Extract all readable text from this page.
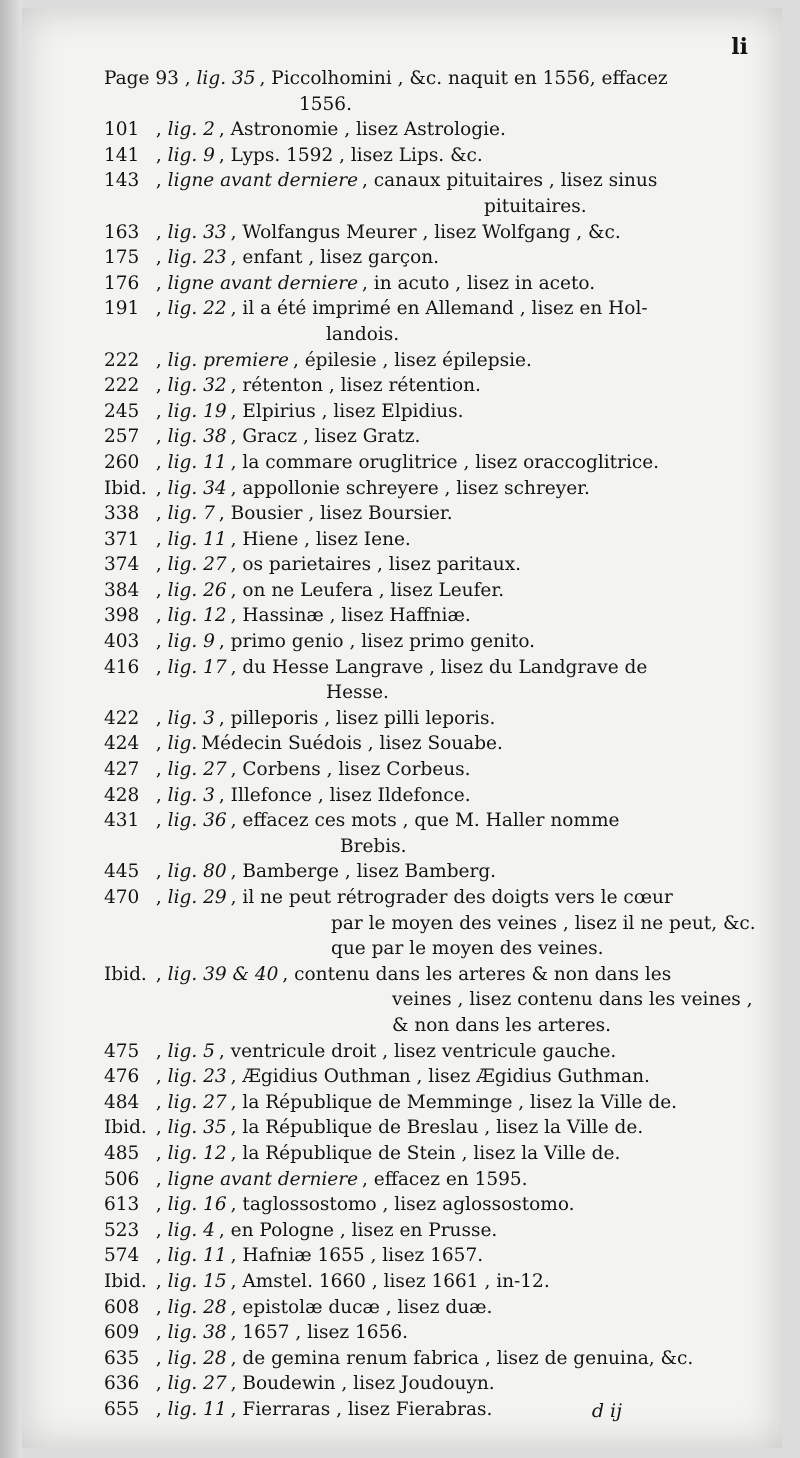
li
Page 93 , lig. 35 , Piccolhomini , &c. naquit en 1556, effacez
1556.
101 , lig. 2 , Astronomie , lisez Astrologie.
141 , lig. 9 , Lyps. 1592 , lisez Lips. &c.
143 , ligne avant derniere , canaux pituitaires , lisez sinus
pituitaires.
163 , lig. 33 , Wolfangus Meurer , lisez Wolfgang , &c.
175 , lig. 23 , enfant , lisez garçon.
176 , ligne avant derniere , in acuto , lisez in aceto.
191 , lig. 22 , il a été imprimé en Allemand , lisez en Hol-
landois.
222 , lig. premiere , épilesie , lisez épilepsie.
222 , lig. 32 , rétenton , lisez rétention.
245 , lig. 19 , Elpirius , lisez Elpidius.
257 , lig. 38 , Gracz , lisez Gratz.
260 , lig. 11 , la commare oruglitrice , lisez oraccoglitrice.
Ibid. , lig. 34 , appollonie schreyere , lisez schreyer.
338 , lig. 7 , Bousier , lisez Boursier.
371 , lig. 11 , Hiene , lisez Iene.
374 , lig. 27 , os parietaires , lisez paritaux.
384 , lig. 26 , on ne Leufera , lisez Leufer.
398 , lig. 12 , Hassinæ , lisez Haffniæ.
403 , lig. 9 , primo genio , lisez primo genito.
416 , lig. 17 , du Hesse Langrave , lisez du Landgrave de
Hesse.
422 , lig. 3 , pilleporis , lisez pilli leporis.
424 , lig. Médecin Suédois , lisez Souabe.
427 , lig. 27 , Corbens , lisez Corbeus.
428 , lig. 3 , Illefonce , lisez Ildefonce.
431 , lig. 36 , effacez ces mots , que M. Haller nomme
Brebis.
445 , lig. 80 , Bamberge , lisez Bamberg.
470 , lig. 29 , il ne peut rétrograder des doigts vers le cœur
par le moyen des veines , lisez il ne peut, &c.
que par le moyen des veines.
Ibid. , lig. 39 & 40 , contenu dans les arteres & non dans les
veines , lisez contenu dans les veines ,
& non dans les arteres.
475 , lig. 5 , ventricule droit , lisez ventricule gauche.
476 , lig. 23 , Ægidius Outhman , lisez Ægidius Guthman.
484 , lig. 27 , la République de Memminge , lisez la Ville de.
Ibid. , lig. 35 , la République de Breslau , lisez la Ville de.
485 , lig. 12 , la République de Stein , lisez la Ville de.
506 , ligne avant derniere , effacez en 1595.
613 , lig. 16 , taglossostomo , lisez aglossostomo.
523 , lig. 4 , en Pologne , lisez en Prusse.
574 , lig. 11 , Hafniæ 1655 , lisez 1657.
Ibid. , lig. 15 , Amstel. 1660 , lisez 1661 , in-12.
608 , lig. 28 , epistolæ ducæ , lisez duæ.
609 , lig. 38 , 1657 , lisez 1656.
635 , lig. 28 , de gemina renum fabrica , lisez de genuina, &c.
636 , lig. 27 , Boudewin , lisez Joudouyn.
655 , lig. 11 , Fierraras , lisez Fierabras.	d ij
